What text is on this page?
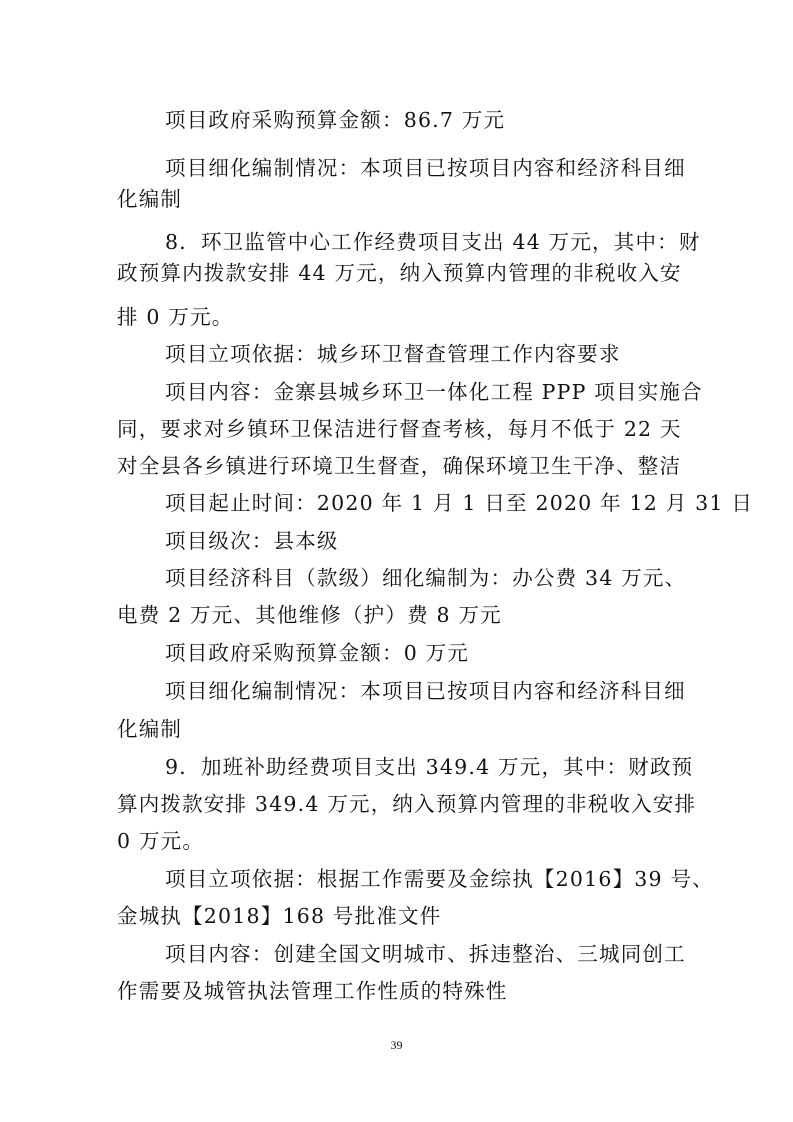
项目政府采购预算金额：86.7 万元
项目细化编制情况：本项目已按项目内容和经济科目细
化编制
8．环卫监管中心工作经费项目支出 44 万元，其中：财
政预算内拨款安排 44 万元，纳入预算内管理的非税收入安
排 0 万元。
项目立项依据：城乡环卫督查管理工作内容要求
项目内容：金寨县城乡环卫一体化工程 PPP 项目实施合
同，要求对乡镇环卫保洁进行督查考核，每月不低于 22 天
对全县各乡镇进行环境卫生督查，确保环境卫生干净、整洁
项目起止时间：2020 年 1 月 1 日至 2020 年 12 月 31 日
项目级次：县本级
项目经济科目（款级）细化编制为：办公费 34 万元、
电费 2 万元、其他维修（护）费 8 万元
项目政府采购预算金额：0 万元
项目细化编制情况：本项目已按项目内容和经济科目细
化编制
9．加班补助经费项目支出 349.4 万元，其中：财政预
算内拨款安排 349.4 万元，纳入预算内管理的非税收入安排
0 万元。
项目立项依据：根据工作需要及金综执【2016】39 号、
金城执【2018】168 号批准文件
项目内容：创建全国文明城市、拆违整治、三城同创工
作需要及城管执法管理工作性质的特殊性
39
